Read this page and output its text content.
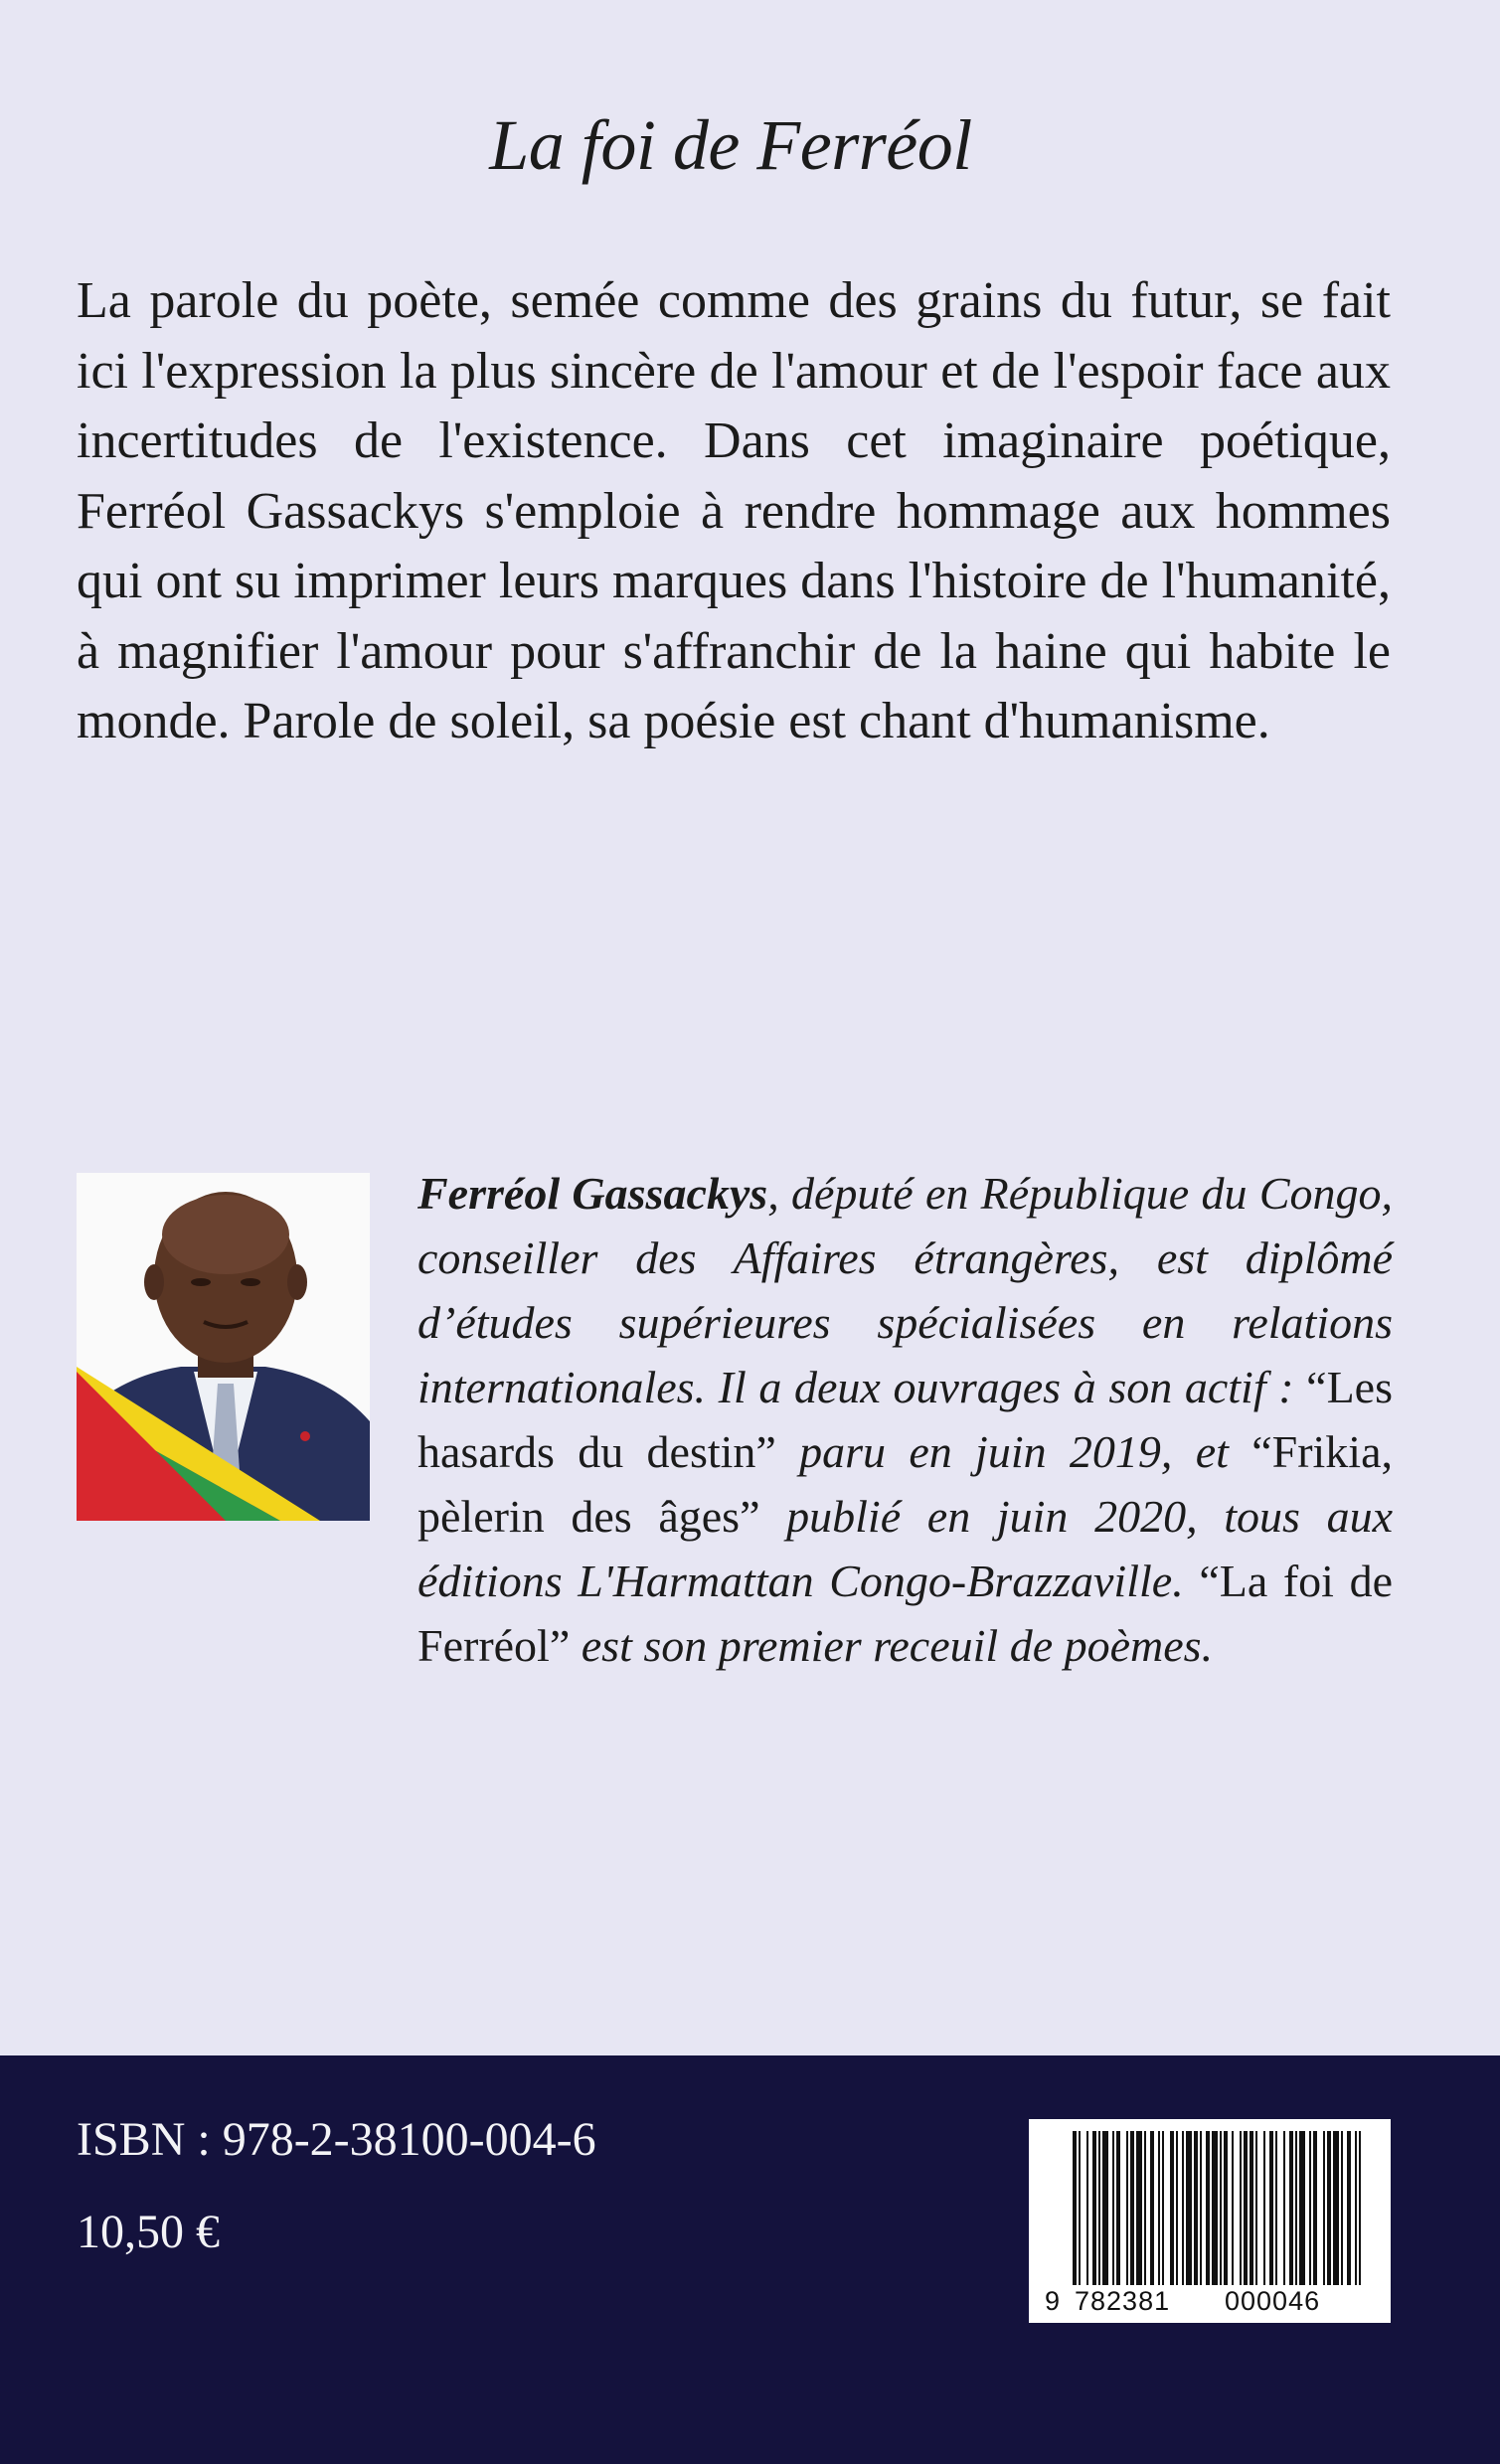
La foi de Ferréol

La parole du poète, semée comme des grains du futur, se fait ici l'expression la plus sincère de l'amour et de l'espoir face aux incertitudes de l'existence. Dans cet imaginaire poétique, Ferréol Gassackys s'emploie à rendre hommage aux hommes qui ont su imprimer leurs marques dans l'histoire de l'humanité, à magnifier l'amour pour s'affranchir de la haine qui habite le monde. Parole de soleil, sa poésie est chant d'humanisme.

Ferréol Gassackys, député en République du Congo, conseiller des Affaires étrangères, est diplômé d’études supérieures spécialisées en relations internationales. Il a deux ouvrages à son actif : “Les hasards du destin” paru en juin 2019, et “Frikia, pèlerin des âges” publié en juin 2020, tous aux éditions L'Harmattan Congo-Brazzaville. “La foi de Ferréol” est son premier receuil de poèmes.

ISBN : 978-2-38100-004-6
10,50 €
9 782381 000046
